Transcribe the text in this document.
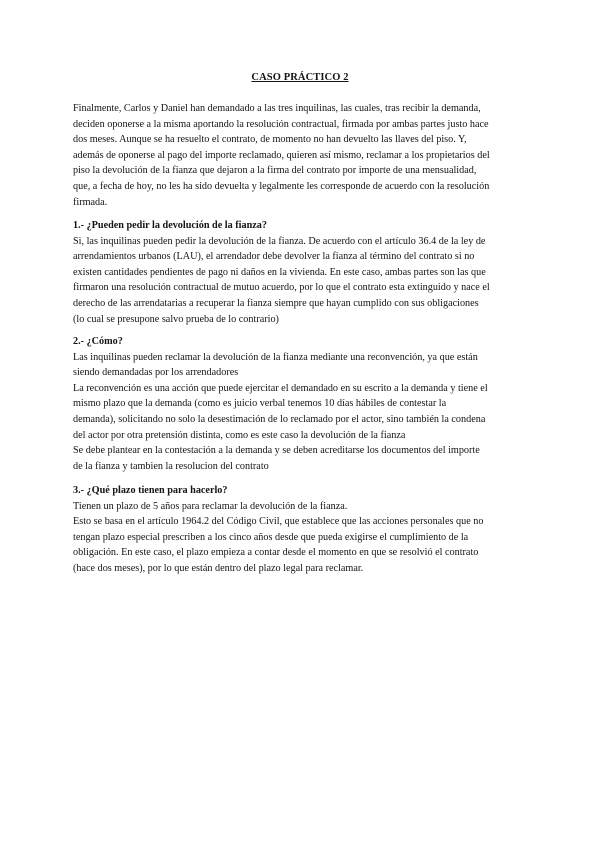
CASO PRÁCTICO 2
Finalmente, Carlos y Daniel han demandado a las tres inquilinas, las cuales, tras recibir la demanda,
deciden oponerse a la misma aportando la resolución contractual, firmada por ambas partes justo hace
dos meses. Aunque se ha resuelto el contrato, de momento no han devuelto las llaves del piso. Y,
además de oponerse al pago del importe reclamado, quieren así mismo, reclamar a los propietarios del
piso la devolución de la fianza que dejaron a la firma del contrato por importe de una mensualidad,
que, a fecha de hoy, no les ha sido devuelta y legalmente les corresponde de acuerdo con la resolución
firmada.
1.- ¿Pueden pedir la devolución de la fianza?
Si, las inquilinas pueden pedir la devolución de la fianza. De acuerdo con el artículo 36.4 de la ley de
arrendamientos urbanos (LAU), el arrendador debe devolver la fianza al término del contrato si no
existen cantidades pendientes de pago ni daños en la vivienda. En este caso, ambas partes son las que
firmaron una resolución contractual de mutuo acuerdo, por lo que el contrato esta extinguido y nace el
derecho de las arrendatarias a recuperar la fianza siempre que hayan cumplido con sus obligaciones
(lo cual se presupone salvo prueba de lo contrario)
2.- ¿Cómo?
Las inquilinas pueden reclamar la devolución de la fianza mediante una reconvención, ya que están
siendo demandadas por los arrendadores
La reconvención es una acción que puede ejercitar el demandado en su escrito a la demanda y tiene el
mismo plazo que la demanda (como es juicio verbal tenemos 10 días hábiles de contestar la
demanda), solicitando no solo la desestimación de lo reclamado por el actor, sino también la condena
del actor por otra pretensión distinta, como es este caso la devolución de la fianza
Se debe plantear en la contestación a la demanda y se deben acreditarse los documentos del importe
de la fianza y tambien la resolucion del contrato
3.- ¿Qué plazo tienen para hacerlo?
Tienen un plazo de 5 años para reclamar la devolución de la fianza.
Esto se basa en el artículo 1964.2 del Código Civil, que establece que las acciones personales que no
tengan plazo especial prescriben a los cinco años desde que pueda exigirse el cumplimiento de la
obligación. En este caso, el plazo empieza a contar desde el momento en que se resolvió el contrato
(hace dos meses), por lo que están dentro del plazo legal para reclamar.
